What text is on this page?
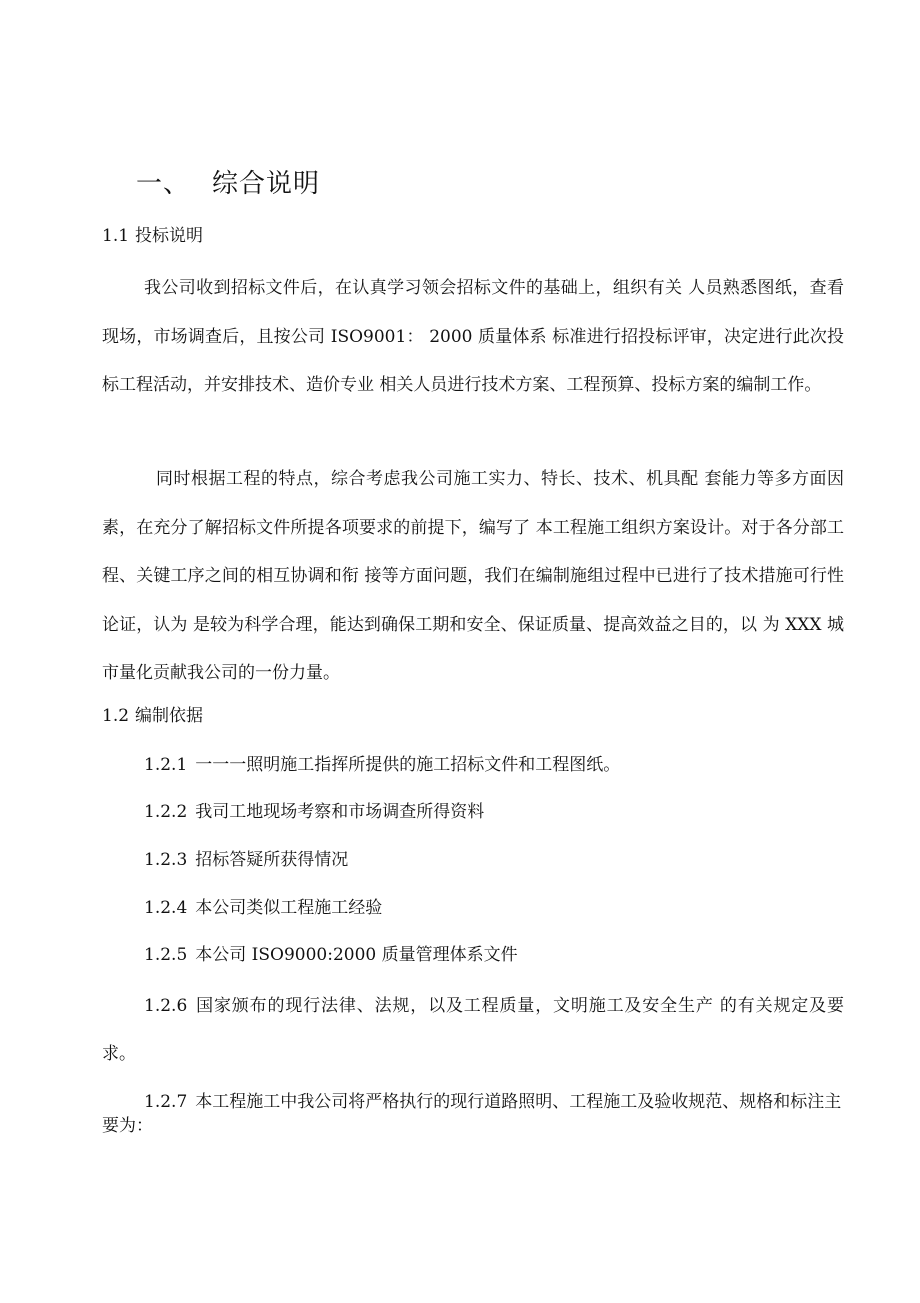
一、 综合说明
1.1 投标说明

我公司收到招标文件后，在认真学习领会招标文件的基础上，组织有关 人员熟悉图纸，查看现场，市场调查后，且按公司 ISO9001： 2000 质量体系 标准进行招投标评审，决定进行此次投标工程活动，并安排技术、造价专业 相关人员进行技术方案、工程预算、投标方案的编制工作。

同时根据工程的特点，综合考虑我公司施工实力、特长、技术、机具配 套能力等多方面因素，在充分了解招标文件所提各项要求的前提下，编写了 本工程施工组织方案设计。对于各分部工程、关键工序之间的相互协调和衔 接等方面问题，我们在编制施组过程中已进行了技术措施可行性论证，认为 是较为科学合理，能达到确保工期和安全、保证质量、提高效益之目的，以 为 XXX 城市量化贡献我公司的一份力量。

1.2 编制依据
1.2.1 一一一照明施工指挥所提供的施工招标文件和工程图纸。
1.2.2 我司工地现场考察和市场调查所得资料
1.2.3 招标答疑所获得情况
1.2.4 本公司类似工程施工经验
1.2.5 本公司 ISO9000:2000 质量管理体系文件

1.2.6 国家颁布的现行法律、法规，以及工程质量，文明施工及安全生产 的有关规定及要求。

1.2.7 本工程施工中我公司将严格执行的现行道路照明、工程施工及验收规范、规格和标注主要为：
